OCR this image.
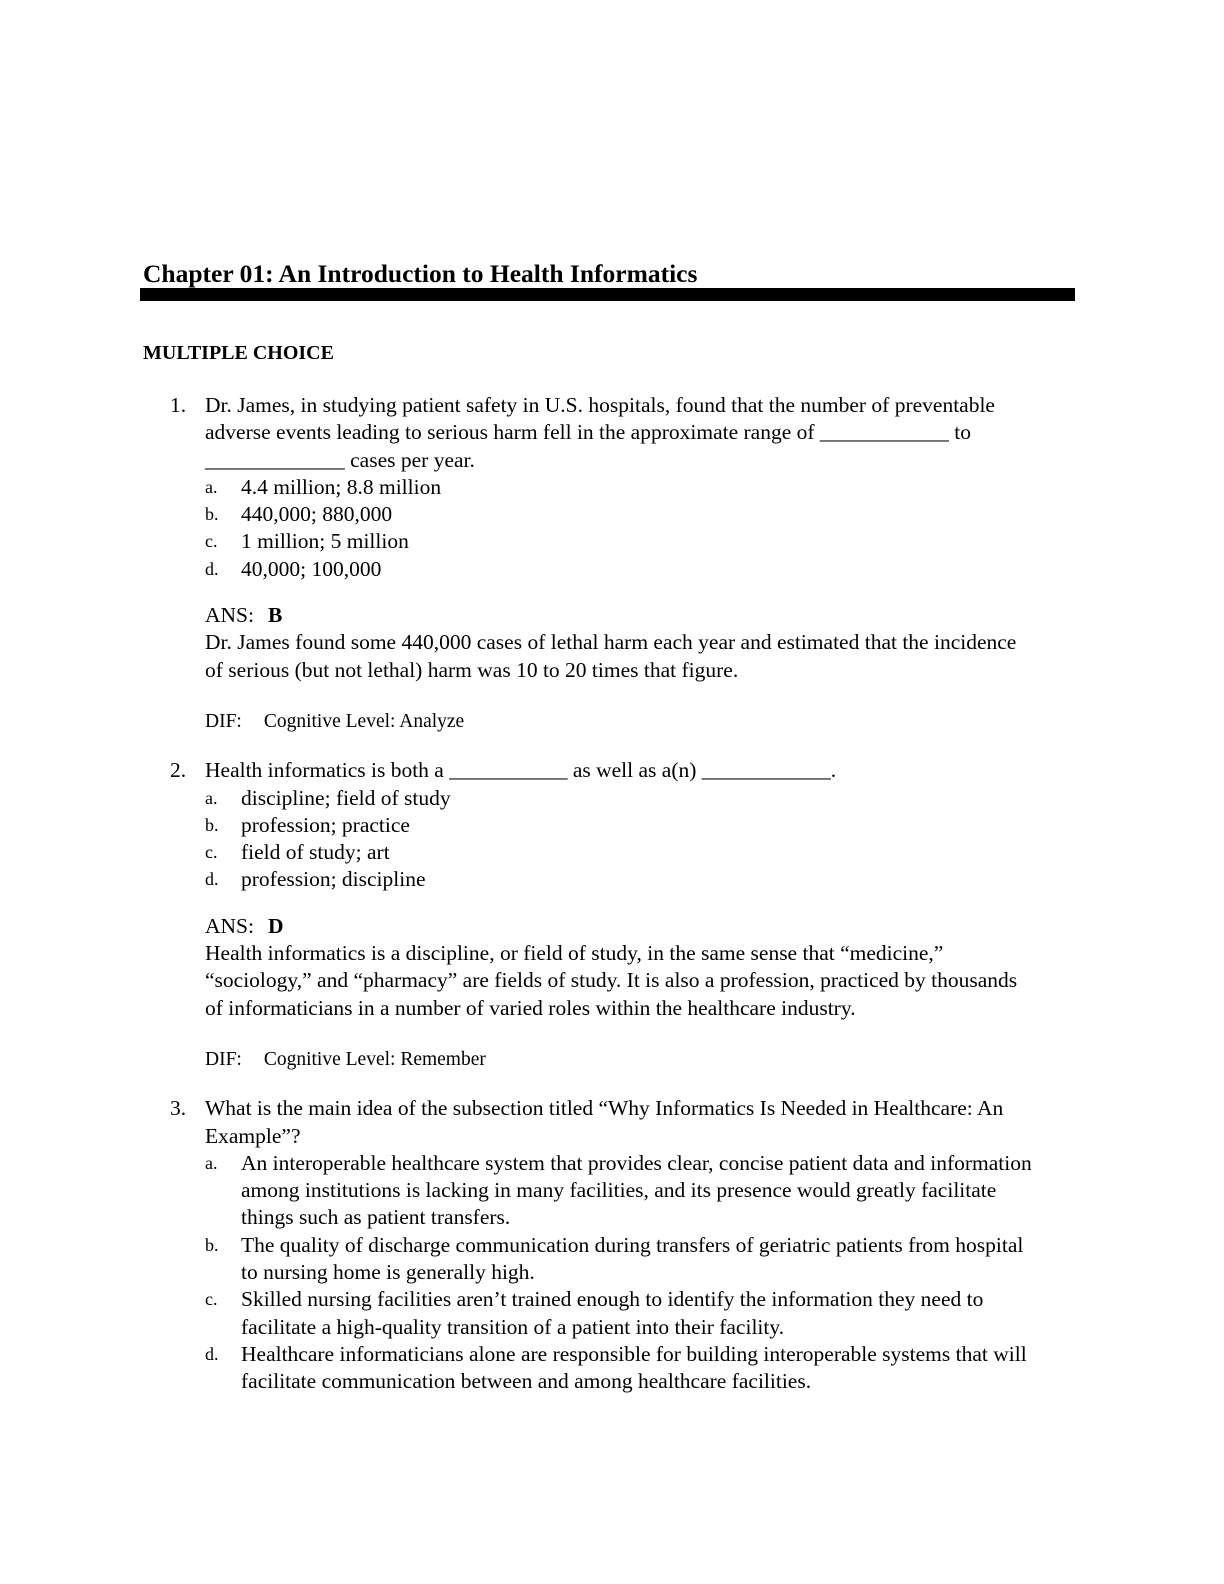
Chapter 01: An Introduction to Health Informatics
MULTIPLE CHOICE
1. Dr. James, in studying patient safety in U.S. hospitals, found that the number of preventable adverse events leading to serious harm fell in the approximate range of ____________ to _____________ cases per year.
a. 4.4 million; 8.8 million
b. 440,000; 880,000
c. 1 million; 5 million
d. 40,000; 100,000
ANS: B
Dr. James found some 440,000 cases of lethal harm each year and estimated that the incidence of serious (but not lethal) harm was 10 to 20 times that figure.
DIF: Cognitive Level: Analyze
2. Health informatics is both a ___________ as well as a(n) ____________.
a. discipline; field of study
b. profession; practice
c. field of study; art
d. profession; discipline
ANS: D
Health informatics is a discipline, or field of study, in the same sense that “medicine,” “sociology,” and “pharmacy” are fields of study. It is also a profession, practiced by thousands of informaticians in a number of varied roles within the healthcare industry.
DIF: Cognitive Level: Remember
3. What is the main idea of the subsection titled “Why Informatics Is Needed in Healthcare: An Example”?
a. An interoperable healthcare system that provides clear, concise patient data and information among institutions is lacking in many facilities, and its presence would greatly facilitate things such as patient transfers.
b. The quality of discharge communication during transfers of geriatric patients from hospital to nursing home is generally high.
c. Skilled nursing facilities aren’t trained enough to identify the information they need to facilitate a high-quality transition of a patient into their facility.
d. Healthcare informaticians alone are responsible for building interoperable systems that will facilitate communication between and among healthcare facilities.
